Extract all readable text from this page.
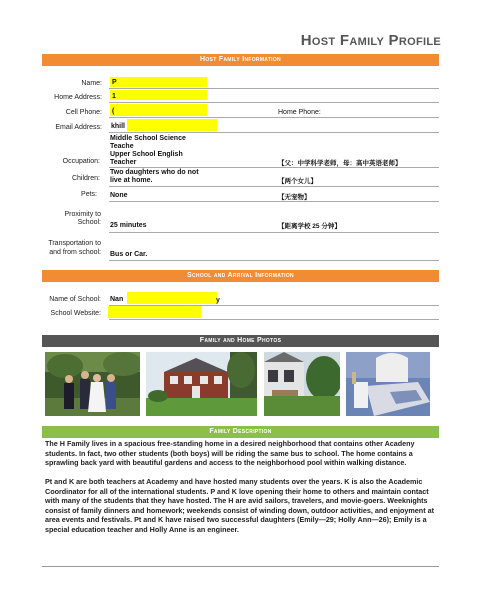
Host Family Profile
Host Family Information
Name: P
Home Address: 1
Cell Phone: (	Home Phone:
Email Address: khill
Middle School Science
Teache
Upper School English
Occupation: Teacher	【父：中学科学老师，母：高中英语老师】
Two daughters who do not
Children: live at home.	【两个女儿】
Pets: None	【无宠物】
Proximity to
School: 25 minutes	【距离学校 25 分钟】
Transportation to
and from school: Bus or Car.
School and Arrival Information
Name of School: Nan	y
School Website:
Family and Home Photos
Family Description
The H Family lives in a spacious free-standing home in a desired neighborhood that contains other Acadeny students. In fact, two other students (both boys) will be riding the same bus to school. The home contains a sprawling back yard with beautiful gardens and access to the neighborhood pool within walking distance.
Pt and K are both teachers at Academy and have hosted many students over the years. K is also the Academic Coordinator for all of the international students. P and K love opening their home to others and maintain contact with many of the students that they have hosted. The H are avid sailors, travelers, and movie-goers. Weeknights consist of family dinners and homework; weekends consist of winding down, outdoor activities, and enjoyment at area events and festivals. Pt and K have raised two successful daughters (Emily—29; Holly Ann—26); Emily is a special education teacher and Holly Anne is an engineer.
